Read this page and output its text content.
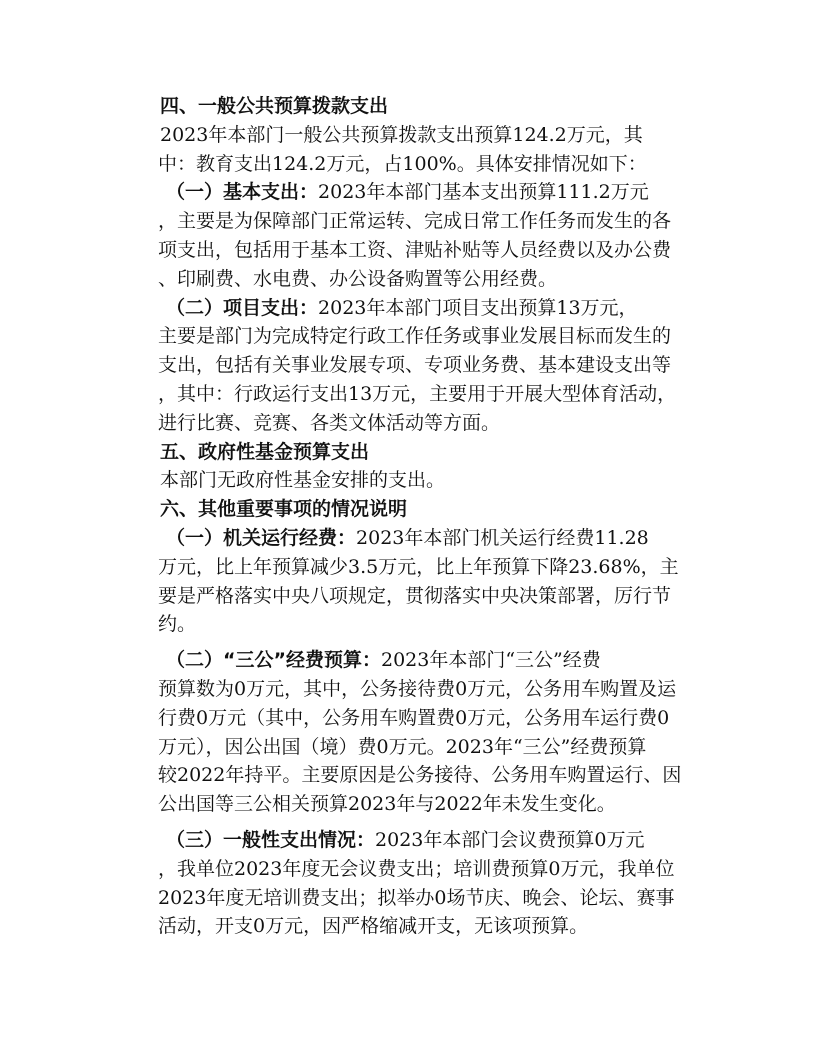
四、一般公共预算拨款支出
2023年本部门一般公共预算拨款支出预算124.2万元，其
中：教育支出124.2万元，占100%。具体安排情况如下：
（一）基本支出：2023年本部门基本支出预算111.2万元
，主要是为保障部门正常运转、完成日常工作任务而发生的各
项支出，包括用于基本工资、津贴补贴等人员经费以及办公费
、印刷费、水电费、办公设备购置等公用经费。
（二）项目支出：2023年本部门项目支出预算13万元，
主要是部门为完成特定行政工作任务或事业发展目标而发生的
支出，包括有关事业发展专项、专项业务费、基本建设支出等
，其中：行政运行支出13万元，主要用于开展大型体育活动，
进行比赛、竞赛、各类文体活动等方面。
五、政府性基金预算支出
本部门无政府性基金安排的支出。
六、其他重要事项的情况说明
（一）机关运行经费：2023年本部门机关运行经费11.28
万元，比上年预算减少3.5万元，比上年预算下降23.68%，主
要是严格落实中央八项规定，贯彻落实中央决策部署，厉行节
约。
（二）“三公”经费预算：2023年本部门“三公”经费
预算数为0万元，其中，公务接待费0万元，公务用车购置及运
行费0万元（其中，公务用车购置费0万元，公务用车运行费0
万元），因公出国（境）费0万元。2023年“三公”经费预算
较2022年持平。主要原因是公务接待、公务用车购置运行、因
公出国等三公相关预算2023年与2022年未发生变化。
（三）一般性支出情况：2023年本部门会议费预算0万元
，我单位2023年度无会议费支出；培训费预算0万元，我单位
2023年度无培训费支出；拟举办0场节庆、晚会、论坛、赛事
活动，开支0万元，因严格缩减开支，无该项预算。
